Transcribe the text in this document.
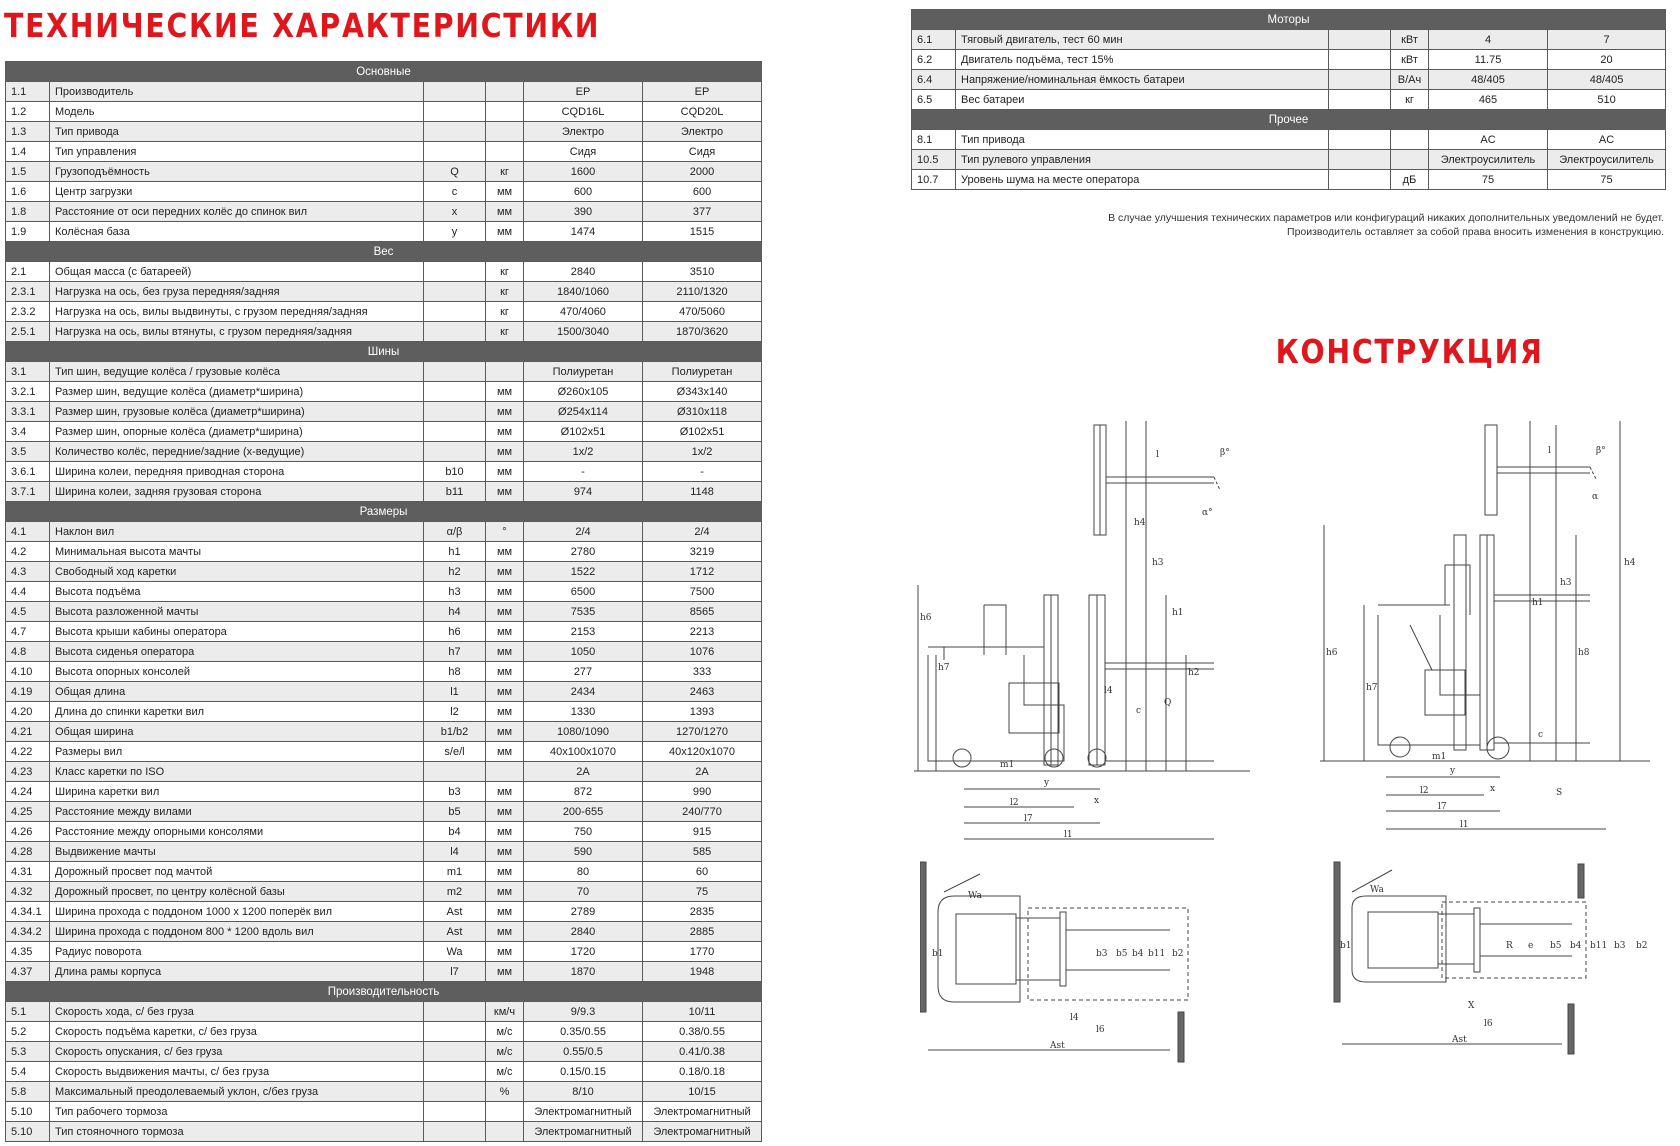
ТЕХНИЧЕСКИЕ ХАРАКТЕРИСТИКИ
КОНСТРУКЦИЯ
Основные					
1.1	Производитель			EP	EP
1.2	Модель			CQD16L	CQD20L
1.3	Тип привода			Электро	Электро
1.4	Тип управления			Сидя	Сидя
1.5	Грузоподъёмность	Q	кг	1600	2000
1.6	Центр загрузки	c	мм	600	600
1.8	Расстояние от оси передних колёс до спинок вил	x	мм	390	377
1.9	Колёсная база	y	мм	1474	1515
Вес					
2.1	Общая масса (с батареей)		кг	2840	3510
2.3.1	Нагрузка на ось, без груза передняя/задняя		кг	1840/1060	2110/1320
2.3.2	Нагрузка на ось, вилы выдвинуты, с грузом передняя/задняя		кг	470/4060	470/5060
2.5.1	Нагрузка на ось, вилы втянуты, с грузом передняя/задняя		кг	1500/3040	1870/3620
Шины					
3.1	Тип шин, ведущие колёса / грузовые колёса			Полиуретан	Полиуретан
3.2.1	Размер шин, ведущие колёса (диаметр*ширина)		мм	Ø260x105	Ø343x140
3.3.1	Размер шин, грузовые колёса (диаметр*ширина)		мм	Ø254x114	Ø310x118
3.4	Размер шин, опорные колёса (диаметр*ширина)		мм	Ø102x51	Ø102x51
3.5	Количество колёс, передние/задние (x-ведущие)		мм	1x/2	1x/2
3.6.1	Ширина колеи, передняя приводная сторона	b10	мм	-	-
3.7.1	Ширина колеи, задняя грузовая сторона	b11	мм	974	1148
Размеры					
4.1	Наклон вил	α/β	°	2/4	2/4
4.2	Минимальная высота мачты	h1	мм	2780	3219
4.3	Свободный ход каретки	h2	мм	1522	1712
4.4	Высота подъёма	h3	мм	6500	7500
4.5	Высота разложенной мачты	h4	мм	7535	8565
4.7	Высота крыши кабины оператора	h6	мм	2153	2213
4.8	Высота сиденья оператора	h7	мм	1050	1076
4.10	Высота опорных консолей	h8	мм	277	333
4.19	Общая длина	l1	мм	2434	2463
4.20	Длина до спинки каретки вил	l2	мм	1330	1393
4.21	Общая ширина	b1/b2	мм	1080/1090	1270/1270
4.22	Размеры вил	s/e/l	мм	40x100x1070	40x120x1070
4.23	Класс каретки по ISO			2A	2A
4.24	Ширина каретки вил	b3	мм	872	990
4.25	Расстояние между вилами	b5	мм	200-655	240/770
4.26	Расстояние между опорными консолями	b4	мм	750	915
4.28	Выдвижение мачты	l4	мм	590	585
4.31	Дорожный просвет под мачтой	m1	мм	80	60
4.32	Дорожный просвет, по центру колёсной базы	m2	мм	70	75
4.34.1	Ширина прохода с поддоном 1000 x 1200 поперёк вил	Ast	мм	2789	2835
4.34.2	Ширина прохода с поддоном 800 * 1200 вдоль вил	Ast	мм	2840	2885
4.35	Радиус поворота	Wa	мм	1720	1770
4.37	Длина рамы корпуса	l7	мм	1870	1948
Производительность					
5.1	Скорость хода, с/ без груза		км/ч	9/9.3	10/11
5.2	Скорость подъёма каретки, с/ без груза		м/с	0.35/0.55	0.38/0.55
5.3	Скорость опускания, с/ без груза		м/с	0.55/0.5	0.41/0.38
5.4	Скорость выдвижения мачты, с/ без груза		м/с	0.15/0.15	0.18/0.18
5.8	Максимальный преодолеваемый уклон, с/без груза		%	8/10	10/15
5.10	Тип рабочего тормоза			Электромагнитный	Электромагнитный
5.10	Тип стояночного тормоза			Электромагнитный	Электромагнитный
Моторы					
6.1	Тяговый двигатель, тест 60 мин		кВт	4	7
6.2	Двигатель подъёма, тест 15%		кВт	11.75	20
6.4	Напряжение/номинальная ёмкость батареи		В/Ач	48/405	48/405
6.5	Вес батареи		кг	465	510
Прочее					
8.1	Тип привода			AC	AC
10.5	Тип рулевого управления			Электроусилитель	Электроусилитель
10.7	Уровень шума на месте оператора		дБ	75	75
В случае улучшения технических параметров или конфигураций никаких дополнительных уведомлений не будет.
Производитель оставляет за собой права вносить изменения в конструкцию.
l	β°
α°
h4
h3
h1
h6
h7	h2
l4
c
Q
m1
y
x
l2
l7
l1
l	β°
α
h4
h3
h1
h6
h7
h8
c
m1
y
x
l2
l7
l1
S
Wa
b1	b3 b5 b4 b11 b2
l4
l6
Ast
Wa
b1	R e b5 b4 b11 b3 b2
X
l6
Ast
